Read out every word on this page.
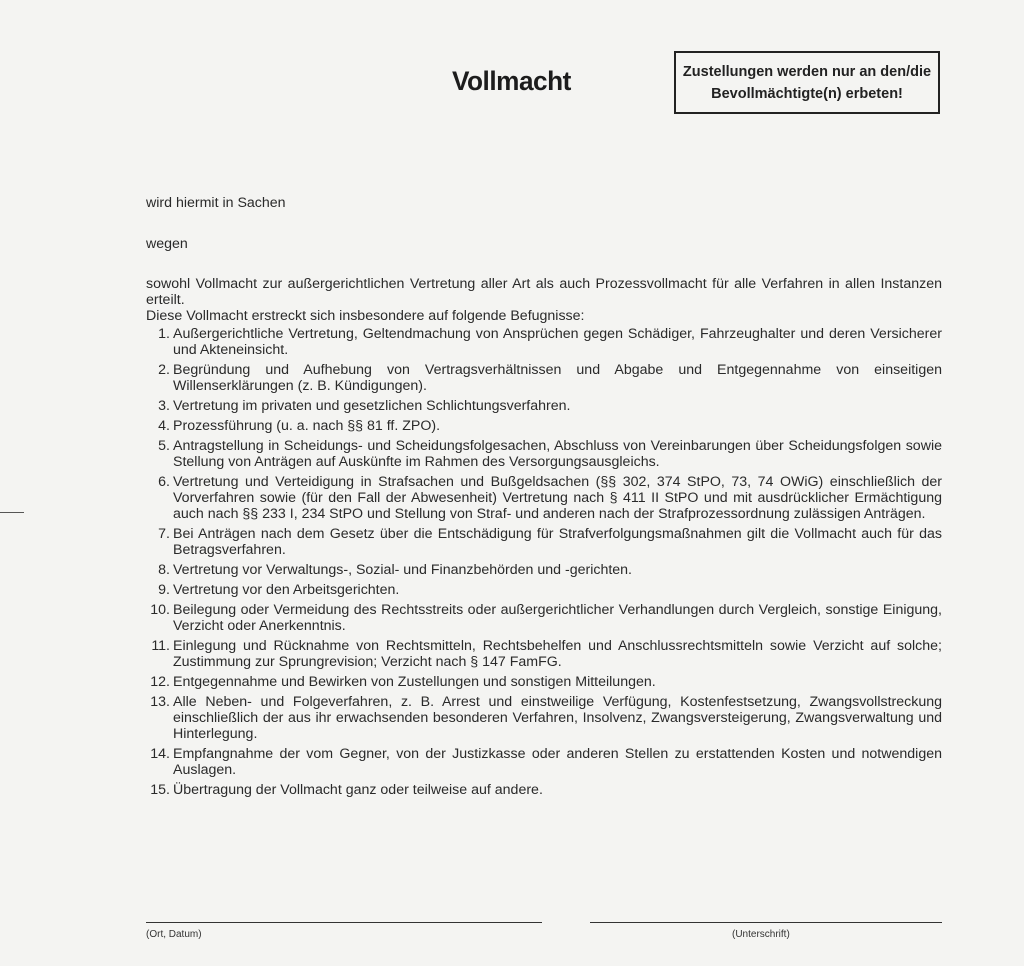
Vollmacht	Zustellungen werden nur an den/die
Bevollmächtigte(n) erbeten!
wird hiermit in Sachen
wegen

sowohl Vollmacht zur außergerichtlichen Vertretung aller Art als auch Prozessvollmacht für alle Verfahren in allen Instanzen erteilt.

Diese Vollmacht erstreckt sich insbesondere auf folgende Befugnisse:

1. Außergerichtliche Vertretung, Geltendmachung von Ansprüchen gegen Schädiger, Fahrzeughalter und deren Versicherer und Akteneinsicht.
2. Begründung und Aufhebung von Vertragsverhältnissen und Abgabe und Entgegennahme von einseitigen Willenserklärungen (z. B. Kündigungen).
3. Vertretung im privaten und gesetzlichen Schlichtungsverfahren.
4. Prozessführung (u. a. nach §§ 81 ff. ZPO).
5. Antragstellung in Scheidungs- und Scheidungsfolgesachen, Abschluss von Vereinbarungen über Scheidungsfolgen sowie Stellung von Anträgen auf Auskünfte im Rahmen des Versorgungsausgleichs.
6. Vertretung und Verteidigung in Strafsachen und Bußgeldsachen (§§ 302, 374 StPO, 73, 74 OWiG) einschließlich der Vorverfahren sowie (für den Fall der Abwesenheit) Vertretung nach § 411 II StPO und mit ausdrücklicher Ermächtigung auch nach §§ 233 I, 234 StPO und Stellung von Straf- und anderen nach der Strafprozessordnung zulässigen Anträgen.
7. Bei Anträgen nach dem Gesetz über die Entschädigung für Strafverfolgungsmaßnahmen gilt die Vollmacht auch für das Betragsverfahren.
8. Vertretung vor Verwaltungs-, Sozial- und Finanzbehörden und -gerichten.
9. Vertretung vor den Arbeitsgerichten.
10. Beilegung oder Vermeidung des Rechtsstreits oder außergerichtlicher Verhandlungen durch Vergleich, sonstige Einigung, Verzicht oder Anerkenntnis.
11. Einlegung und Rücknahme von Rechtsmitteln, Rechtsbehelfen und Anschlussrechtsmitteln sowie Verzicht auf solche; Zustimmung zur Sprungrevision; Verzicht nach § 147 FamFG.
12. Entgegennahme und Bewirken von Zustellungen und sonstigen Mitteilungen.
13. Alle Neben- und Folgeverfahren, z. B. Arrest und einstweilige Verfügung, Kostenfestsetzung, Zwangsvollstreckung einschließlich der aus ihr erwachsenden besonderen Verfahren, Insolvenz, Zwangsversteigerung, Zwangsverwaltung und Hinterlegung.
14. Empfangnahme der vom Gegner, von der Justizkasse oder anderen Stellen zu erstattenden Kosten und notwendigen Auslagen.
15. Übertragung der Vollmacht ganz oder teilweise auf andere.
(Ort, Datum)	(Unterschrift)
